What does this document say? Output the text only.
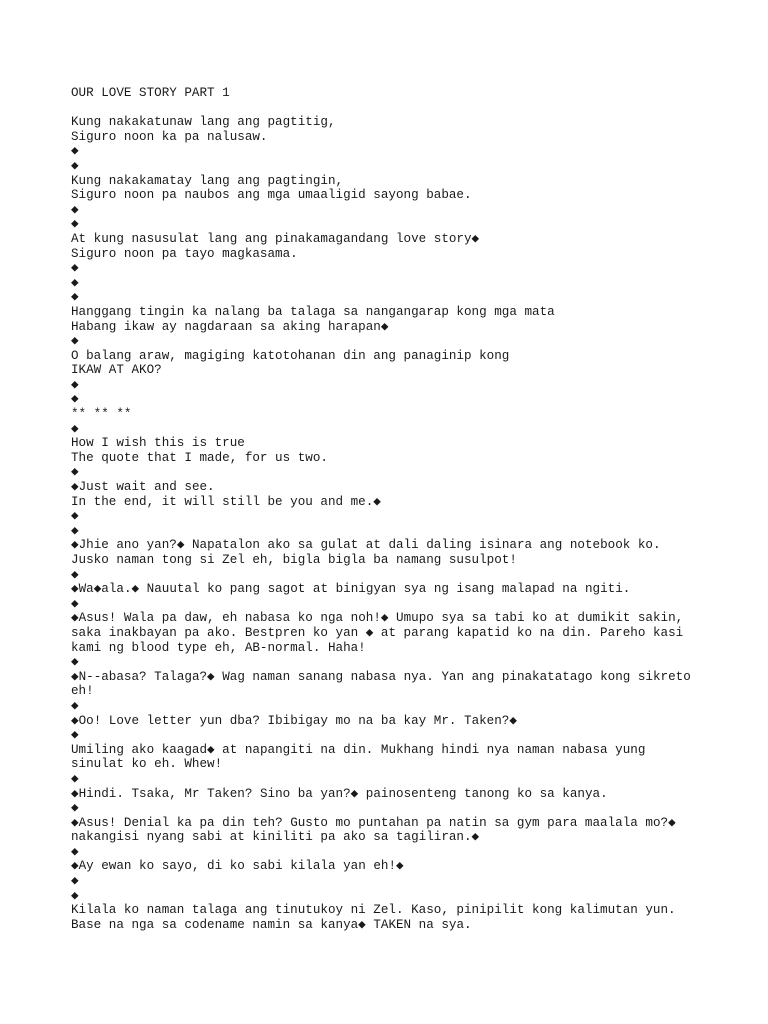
OUR LOVE STORY PART 1
Kung nakakatunaw lang ang pagtitig,
Siguro noon ka pa nalusaw.
◆
◆
Kung nakakamatay lang ang pagtingin,
Siguro noon pa naubos ang mga umaaligid sayong babae.
◆
◆
At kung nasusulat lang ang pinakamagandang love story◆
Siguro noon pa tayo magkasama.
◆
◆
◆
Hanggang tingin ka nalang ba talaga sa nangangarap kong mga mata
Habang ikaw ay nagdaraan sa aking harapan◆
◆
O balang araw, magiging katotohanan din ang panaginip kong
IKAW AT AKO?
◆
◆
** ** **
◆
How I wish this is true
The quote that I made, for us two.
◆
◆Just wait and see.
In the end, it will still be you and me.◆
◆
◆
◆Jhie ano yan?◆ Napatalon ako sa gulat at dali daling isinara ang notebook ko.
Jusko naman tong si Zel eh, bigla bigla ba namang susulpot!
◆
◆Wa◆ala.◆ Nauutal ko pang sagot at binigyan sya ng isang malapad na ngiti.
◆
◆Asus! Wala pa daw, eh nabasa ko nga noh!◆ Umupo sya sa tabi ko at dumikit sakin,
saka inakbayan pa ako. Bestpren ko yan ◆ at parang kapatid ko na din. Pareho kasi
kami ng blood type eh, AB-normal. Haha!
◆
◆N--abasa? Talaga?◆ Wag naman sanang nabasa nya. Yan ang pinakatatago kong sikreto
eh!
◆
◆Oo! Love letter yun dba? Ibibigay mo na ba kay Mr. Taken?◆
◆
Umiling ako kaagad◆ at napangiti na din. Mukhang hindi nya naman nabasa yung
sinulat ko eh. Whew!
◆
◆Hindi. Tsaka, Mr Taken? Sino ba yan?◆ painosenteng tanong ko sa kanya.
◆
◆Asus! Denial ka pa din teh? Gusto mo puntahan pa natin sa gym para maalala mo?◆
nakangisi nyang sabi at kiniliti pa ako sa tagiliran.◆
◆
◆Ay ewan ko sayo, di ko sabi kilala yan eh!◆
◆
◆
Kilala ko naman talaga ang tinutukoy ni Zel. Kaso, pinipilit kong kalimutan yun.
Base na nga sa codename namin sa kanya◆ TAKEN na sya.
